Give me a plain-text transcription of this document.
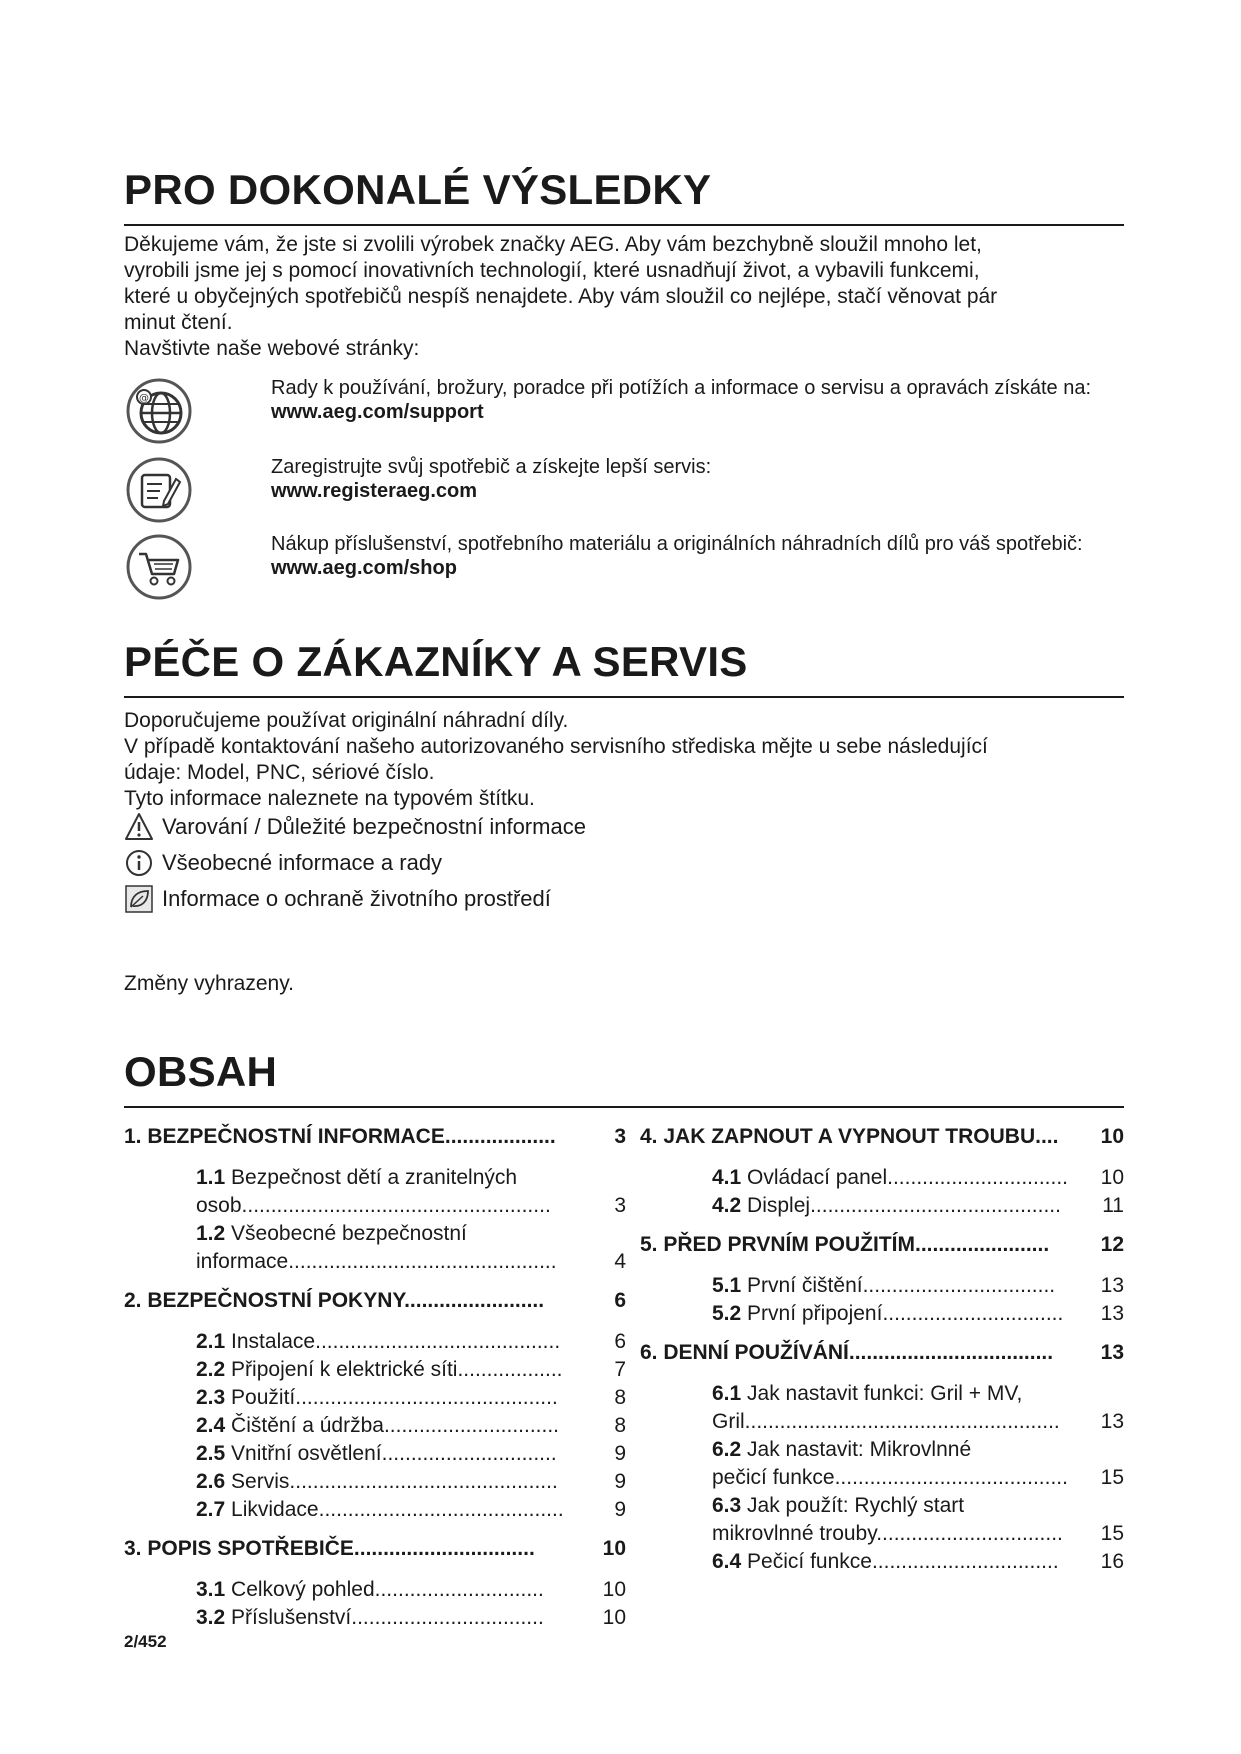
PRO DOKONALÉ VÝSLEDKY

Děkujeme vám, že jste si zvolili výrobek značky AEG. Aby vám bezchybně sloužil mnoho let,

vyrobili jsme jej s pomocí inovativních technologií, které usnadňují život, a vybavili funkcemi,

které u obyčejných spotřebičů nespíš nenajdete. Aby vám sloužil co nejlépe, stačí věnovat pár

minut čtení.

Navštivte naše webové stránky:

@	Rady k používání, brožury, poradce při potížích a informace o servisu a opravách získáte na:
www.aeg.com/support
Zaregistrujte svůj spotřebič a získejte lepší servis:
www.registeraeg.com
Nákup příslušenství, spotřebního materiálu a originálních náhradních dílů pro váš spotřebič:
www.aeg.com/shop
PÉČE O ZÁKAZNÍKY A SERVIS

Doporučujeme používat originální náhradní díly.

V případě kontaktování našeho autorizovaného servisního střediska mějte u sebe následující

údaje: Model, PNC, sériové číslo.

Tyto informace naleznete na typovém štítku.

Varování / Důležité bezpečnostní informace
Všeobecné informace a rady
Informace o ochraně životního prostředí
Změny vyhrazeny.
OBSAH
1. BEZPEČNOSTNÍ INFORMACE...................	3
1.1 Bezpečnost dětí a zranitelných
osob.....................................................	3
1.2 Všeobecné bezpečnostní
informace..............................................	4
2. BEZPEČNOSTNÍ POKYNY........................	6
2.1 Instalace..........................................	6
2.2 Připojení k elektrické síti.................. 7
2.3 Použití.............................................	8
2.4 Čištění a údržba..............................	8
2.5 Vnitřní osvětlení..............................	9
2.6 Servis..............................................	9
2.7 Likvidace.......................................... 9
3. POPIS SPOTŘEBIČE...............................	10
3.1 Celkový pohled.............................	10
3.2 Příslušenství.................................	10
4. JAK ZAPNOUT A VYPNOUT TROUBU.... 10
4.1 Ovládací panel............................... 10
4.2 Displej........................................... 11
5. PŘED PRVNÍM POUŽITÍM....................... 12
5.1 První čištění................................. 13
5.2 První připojení............................... 13
6. DENNÍ POUŽÍVÁNÍ................................... 13
6.1 Jak nastavit funkci: Gril + MV,
Gril...................................................... 13
6.2 Jak nastavit: Mikrovlnné
pečicí funkce........................................ 15
6.3 Jak použít: Rychlý start
mikrovlnné trouby................................ 15
6.4 Pečicí funkce................................ 16
2/452
